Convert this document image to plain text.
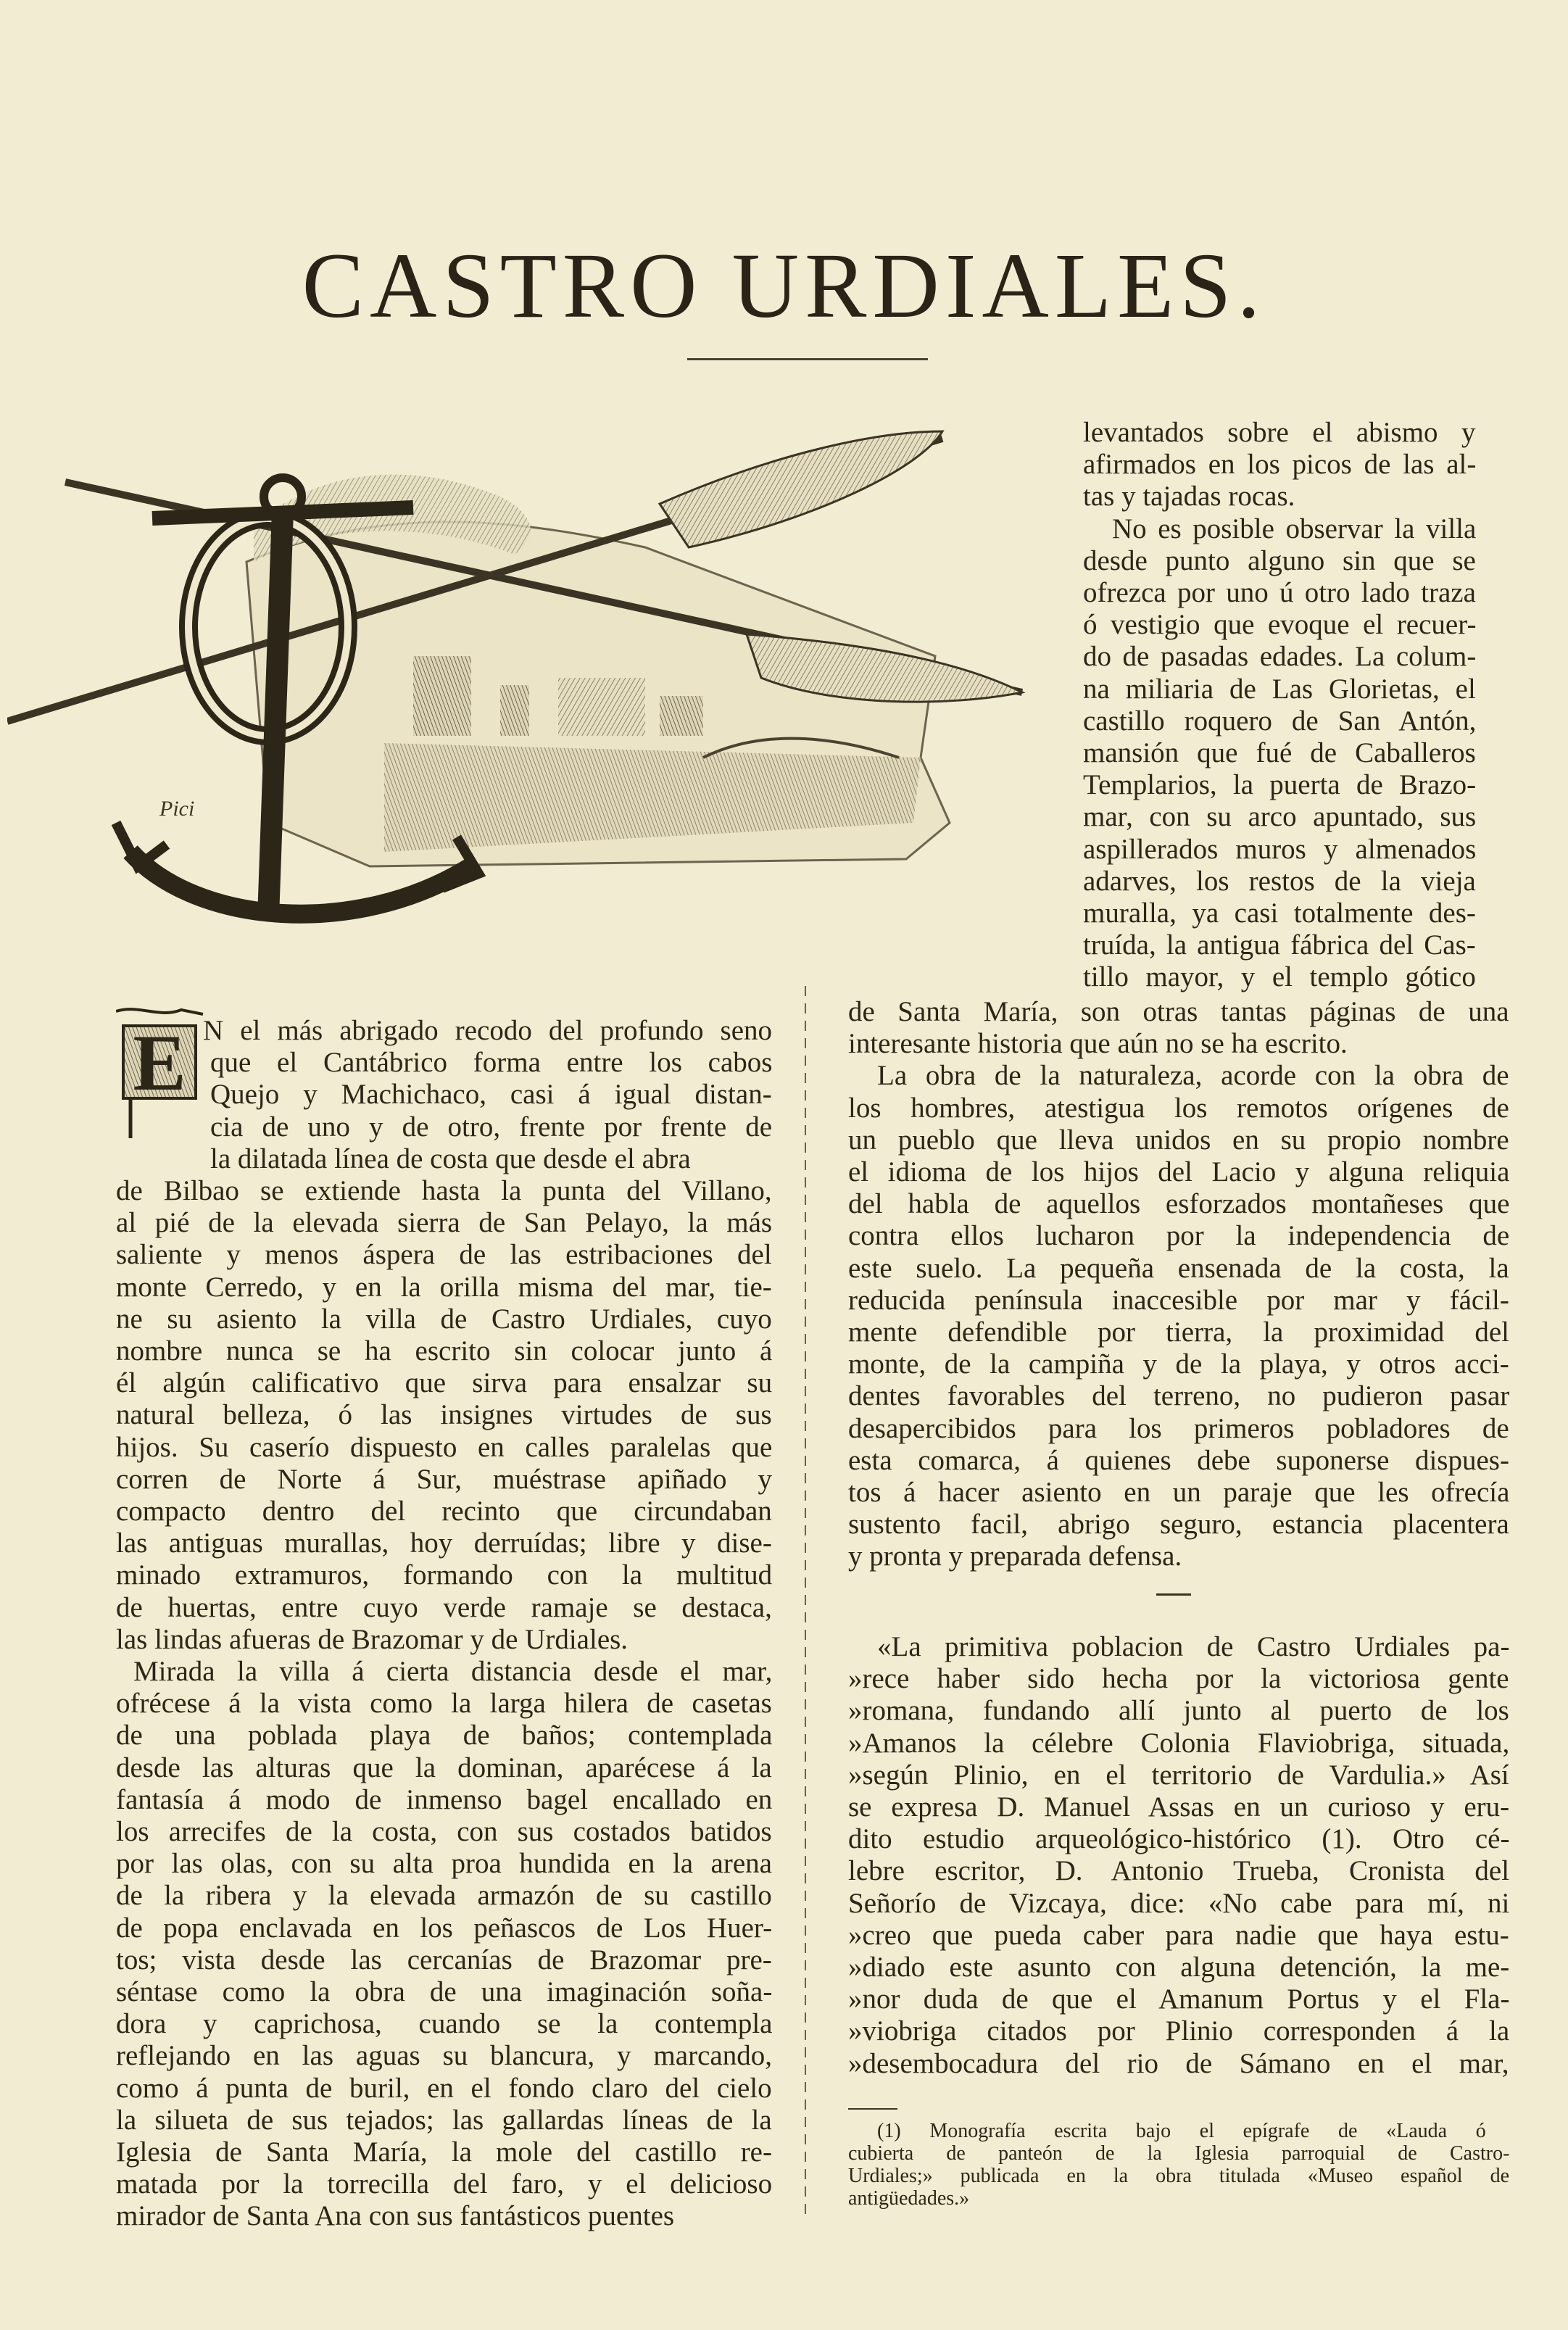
CASTRO URDIALES.
Pici
E N el más abrigado recodo del profundo seno

que el Cantábrico forma entre los cabos

Quejo y Machichaco, casi á igual distan-

cia de uno y de otro, frente por frente de

la dilatada línea de costa que desde el abra

de Bilbao se extiende hasta la punta del Villano,

al pié de la elevada sierra de San Pelayo, la más

saliente y menos áspera de las estribaciones del

monte Cerredo, y en la orilla misma del mar, tie-

ne su asiento la villa de Castro Urdiales, cuyo

nombre nunca se ha escrito sin colocar junto á

él algún calificativo que sirva para ensalzar su

natural belleza, ó las insignes virtudes de sus

hijos. Su caserío dispuesto en calles paralelas que

corren de Norte á Sur, muéstrase apiñado y

compacto dentro del recinto que circundaban

las antiguas murallas, hoy derruídas; libre y dise-

minado extramuros, formando con la multitud

de huertas, entre cuyo verde ramaje se destaca,

las lindas afueras de Brazomar y de Urdiales.

Mirada la villa á cierta distancia desde el mar,

ofrécese á la vista como la larga hilera de casetas

de una poblada playa de baños; contemplada

desde las alturas que la dominan, aparécese á la

fantasía á modo de inmenso bagel encallado en

los arrecifes de la costa, con sus costados batidos

por las olas, con su alta proa hundida en la arena

de la ribera y la elevada armazón de su castillo

de popa enclavada en los peñascos de Los Huer-

tos; vista desde las cercanías de Brazomar pre-

séntase como la obra de una imaginación soña-

dora y caprichosa, cuando se la contempla

reflejando en las aguas su blancura, y marcando,

como á punta de buril, en el fondo claro del cielo

la silueta de sus tejados; las gallardas líneas de la

Iglesia de Santa María, la mole del castillo re-

matada por la torrecilla del faro, y el delicioso

mirador de Santa Ana con sus fantásticos puentes

levantados sobre el abismo y

afirmados en los picos de las al-

tas y tajadas rocas.

No es posible observar la villa

desde punto alguno sin que se

ofrezca por uno ú otro lado traza

ó vestigio que evoque el recuer-

do de pasadas edades. La colum-

na miliaria de Las Glorietas, el

castillo roquero de San Antón,

mansión que fué de Caballeros

Templarios, la puerta de Brazo-

mar, con su arco apuntado, sus

aspillerados muros y almenados

adarves, los restos de la vieja

muralla, ya casi totalmente des-

truída, la antigua fábrica del Cas-

tillo mayor, y el templo gótico

de Santa María, son otras tantas páginas de una

interesante historia que aún no se ha escrito.

La obra de la naturaleza, acorde con la obra de

los hombres, atestigua los remotos orígenes de

un pueblo que lleva unidos en su propio nombre

el idioma de los hijos del Lacio y alguna reliquia

del habla de aquellos esforzados montañeses que

contra ellos lucharon por la independencia de

este suelo. La pequeña ensenada de la costa, la

reducida península inaccesible por mar y fácil-

mente defendible por tierra, la proximidad del

monte, de la campiña y de la playa, y otros acci-

dentes favorables del terreno, no pudieron pasar

desapercibidos para los primeros pobladores de

esta comarca, á quienes debe suponerse dispues-

tos á hacer asiento en un paraje que les ofrecía

sustento facil, abrigo seguro, estancia placentera

y pronta y preparada defensa.

«La primitiva poblacion de Castro Urdiales pa-

»rece haber sido hecha por la victoriosa gente

»romana, fundando allí junto al puerto de los

»Amanos la célebre Colonia Flaviobriga, situada,

»según Plinio, en el territorio de Vardulia.» Así

se expresa D. Manuel Assas en un curioso y eru-

dito estudio arqueológico-histórico (1). Otro cé-

lebre escritor, D. Antonio Trueba, Cronista del

Señorío de Vizcaya, dice: «No cabe para mí, ni

»creo que pueda caber para nadie que haya estu-

»diado este asunto con alguna detención, la me-

»nor duda de que el Amanum Portus y el Fla-

»viobriga citados por Plinio corresponden á la

»desembocadura del rio de Sámano en el mar,

(1) Monografía escrita bajo el epígrafe de «Lauda ó

cubierta de panteón de la Iglesia parroquial de Castro-

Urdiales;» publicada en la obra titulada «Museo español de

antigüedades.»
